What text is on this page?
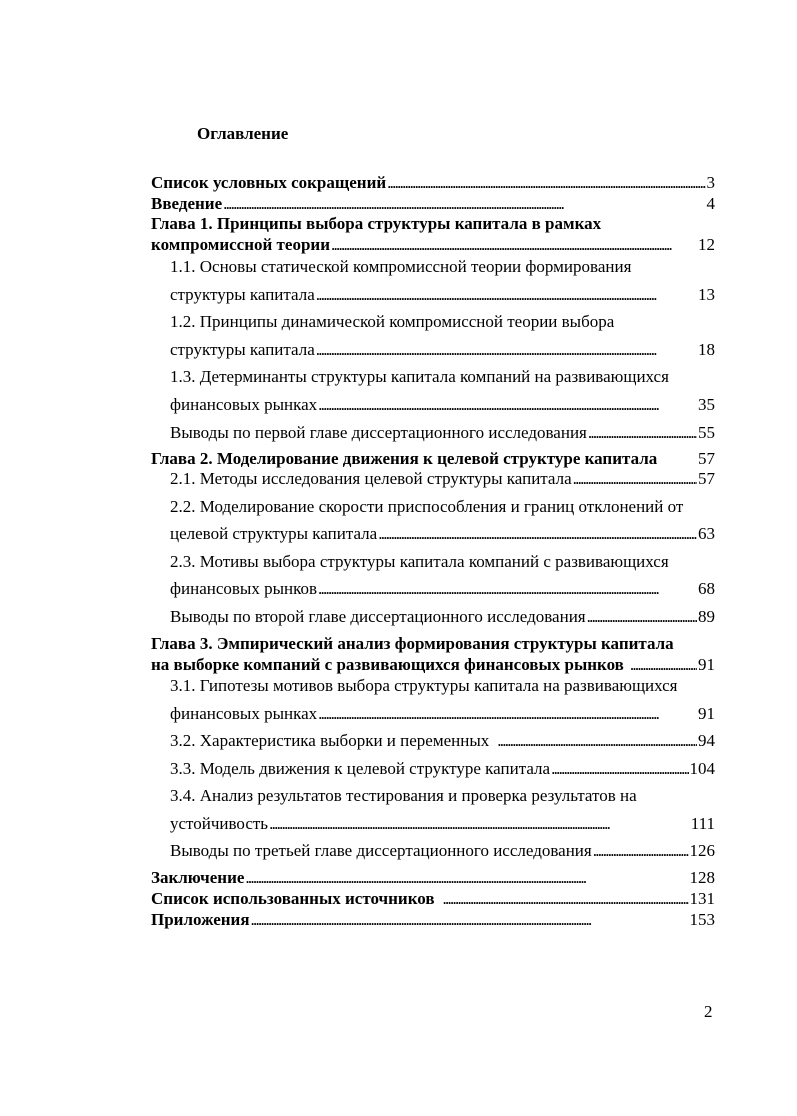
Оглавление
Список условных сокращений . . .	3
Введение . . .	4
Глава 1. Принципы выбора структуры капитала в рамках
компромиссной теории . . .	12
1.1. Основы статической компромиссной теории формирования
структуры капитала . . .	13
1.2. Принципы динамической компромиссной теории выбора
структуры капитала . . .	18
1.3. Детерминанты структуры капитала компаний на развивающихся
финансовых рынках . . .	35
Выводы по первой главе диссертационного исследования . . .	55
Глава 2. Моделирование движения к целевой структуре капитала 57
2.1. Методы исследования целевой структуры капитала . . .	57
2.2. Моделирование скорости приспособления и границ отклонений от
целевой структуры капитала . . .	63
2.3. Мотивы выбора структуры капитала компаний с развивающихся
финансовых рынков . . .	68
Выводы по второй главе диссертационного исследования . . .	89
Глава 3. Эмпирический анализ формирования структуры капитала
на выборке компаний с развивающихся финансовых рынков . . .	91
3.1. Гипотезы мотивов выбора структуры капитала на развивающихся
финансовых рынках . . .	91
3.2. Характеристика выборки и переменных . . .	94
3.3. Модель движения к целевой структуре капитала . . .	104
3.4. Анализ результатов тестирования и проверка результатов на
устойчивость . . .	111
Выводы по третьей главе диссертационного исследования . . .	126
Заключение . . .	128
Список использованных источников . . .	131
Приложения . . .	153
2
